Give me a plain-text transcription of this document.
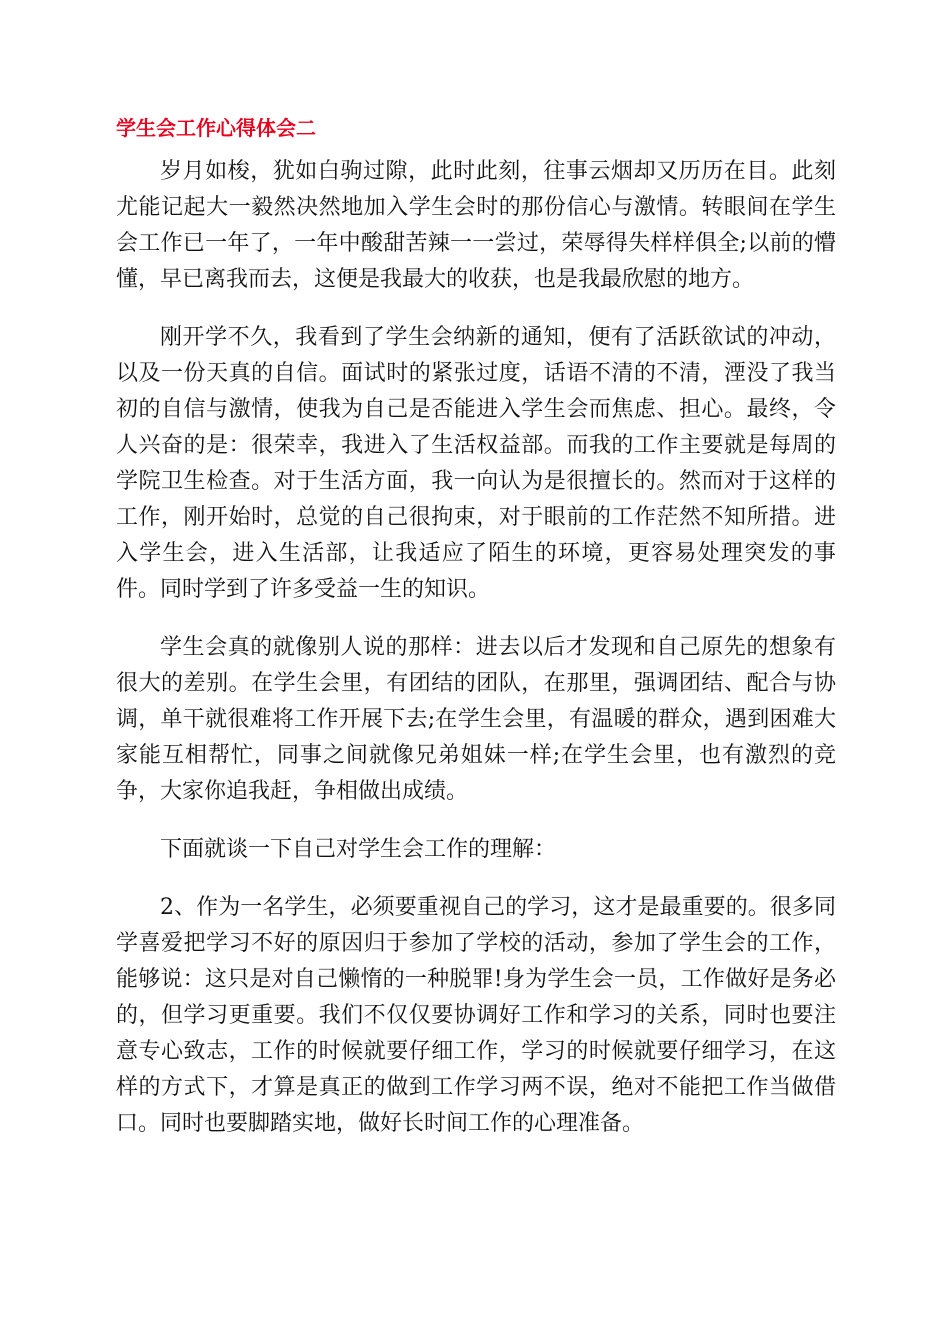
学生会工作心得体会二

岁月如梭，犹如白驹过隙，此时此刻，往事云烟却又历历在目。此刻尤能记起大一毅然决然地加入学生会时的那份信心与激情。转眼间在学生会工作已一年了，一年中酸甜苦辣一一尝过，荣辱得失样样俱全;以前的懵懂，早已离我而去，这便是我最大的收获，也是我最欣慰的地方。

刚开学不久，我看到了学生会纳新的通知，便有了活跃欲试的冲动，以及一份天真的自信。面试时的紧张过度，话语不清的不清，湮没了我当初的自信与激情，使我为自己是否能进入学生会而焦虑、担心。最终，令人兴奋的是：很荣幸，我进入了生活权益部。而我的工作主要就是每周的学院卫生检查。对于生活方面，我一向认为是很擅长的。然而对于这样的工作，刚开始时，总觉的自己很拘束，对于眼前的工作茫然不知所措。进入学生会，进入生活部，让我适应了陌生的环境，更容易处理突发的事件。同时学到了许多受益一生的知识。

学生会真的就像别人说的那样：进去以后才发现和自己原先的想象有很大的差别。在学生会里，有团结的团队，在那里，强调团结、配合与协调，单干就很难将工作开展下去;在学生会里，有温暖的群众，遇到困难大家能互相帮忙，同事之间就像兄弟姐妹一样;在学生会里，也有激烈的竞争，大家你追我赶，争相做出成绩。

下面就谈一下自己对学生会工作的理解：

2、作为一名学生，必须要重视自己的学习，这才是最重要的。很多同学喜爱把学习不好的原因归于参加了学校的活动，参加了学生会的工作，能够说：这只是对自己懒惰的一种脱罪!身为学生会一员，工作做好是务必的，但学习更重要。我们不仅仅要协调好工作和学习的关系，同时也要注意专心致志，工作的时候就要仔细工作，学习的时候就要仔细学习，在这样的方式下，才算是真正的做到工作学习两不误，绝对不能把工作当做借口。同时也要脚踏实地，做好长时间工作的心理准备。
